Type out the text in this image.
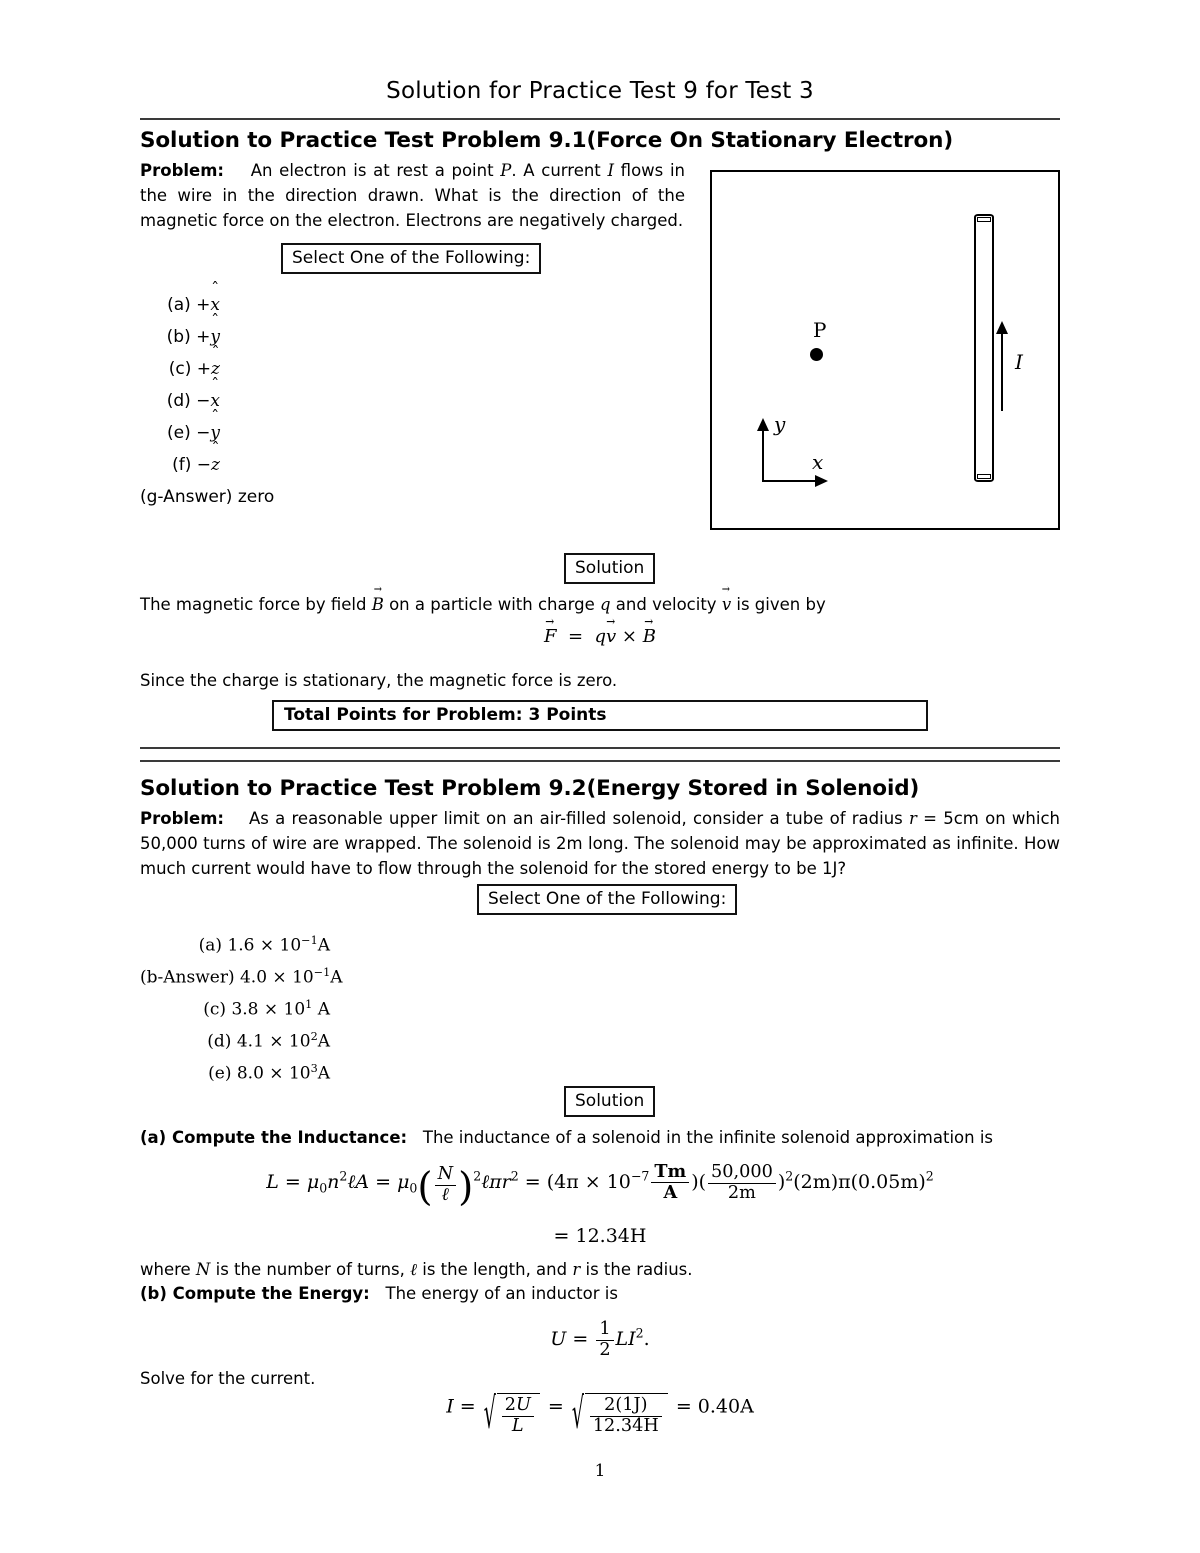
Solution for Practice Test 9 for Test 3
Solution to Practice Test Problem 9.1(Force On Stationary Electron)
Problem:    An electron is at rest a point P. A current I flows in the wire in the direction drawn. What is the direction of the magnetic force on the electron. Electrons are negatively charged.
Select One of the Following:
(a) +x ˆ
(b) +y ˆ
(c) +z ˆ
(d) −x ˆ
(e) −y ˆ
(f) −z ˆ
(g-Answer) zero
I
P
y
x
Solution
The magnetic force by field B → on a particle with charge q and velocity v → is given by
F →  =  qv → × B →
Since the charge is stationary, the magnetic force is zero.
Total Points for Problem: 3 Points
Solution to Practice Test Problem 9.2(Energy Stored in Solenoid)
Problem:    As a reasonable upper limit on an air-filled solenoid, consider a tube of radius r = 5cm on which 50,000 turns of wire are wrapped. The solenoid is 2m long. The solenoid may be approximated as infinite. How much current would have to flow through the solenoid for the stored energy to be 1J?
Select One of the Following:
(a) $1.6 \times 10^{-1}A$
(b-Answer) $4.0 \times 10^{-1}A$
(c) $3.8 \times 10^1$ A
(d) $4.1 \times 10^2A$
(e) $8.0 \times 10^3A$
Solution
(a) Compute the Inductance: The inductance of a solenoid in the infinite solenoid approximation is
$L = \mu_0n^2\ell A = \mu_0( \frac{N}{\text{ℓ}}$ )$^2\ell\pi r^2 = (4\pi \times 10^{-7} \frac{Tm}{A}$ )( $\frac{50,000}{2m} )^2(2m)\pi(0.05m)^2$
= 12.34H
where N is the number of turns, ℓ is the length, and r is the radius.
(b) Compute the Energy: The energy of an inductor is
$U = \frac{1}{2} LI^2$.
Solve for the current.
I = √ $\frac{2U}{L}$ = √ $\frac{2(1J)}{12.34H} = 0.40A$
1
